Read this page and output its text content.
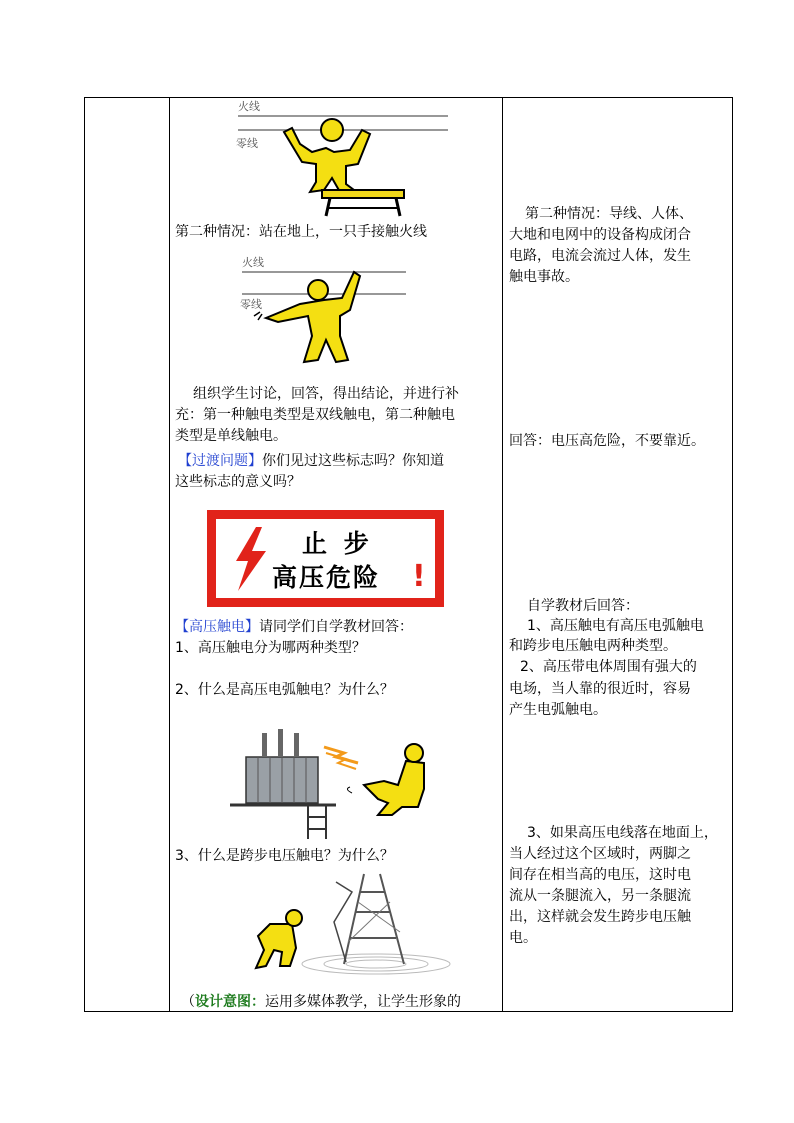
火线
零线
第二种情况：站在地上，一只手接触火线
火线
零线
组织学生讨论，回答，得出结论，并进行补
充：第一种触电类型是双线触电，第二种触电
类型是单线触电。
【过渡问题】你们见过这些标志吗？你知道
这些标志的意义吗？
止 步
高压危险 !
【高压触电】请同学们自学教材回答：
1、高压触电分为哪两种类型？
2、什么是高压电弧触电？为什么？
3、什么是跨步电压触电？为什么？
（设计意图：运用多媒体教学，让学生形象的
第二种情况：导线、人体、
大地和电网中的设备构成闭合
电路，电流会流过人体，发生
触电事故。
回答：电压高危险，不要靠近。
自学教材后回答：
1、高压触电有高压电弧触电
和跨步电压触电两种类型。
2、高压带电体周围有强大的
电场，当人靠的很近时，容易
产生电弧触电。
3、如果高压电线落在地面上，
当人经过这个区域时，两脚之
间存在相当高的电压，这时电
流从一条腿流入，另一条腿流
出，这样就会发生跨步电压触
电。
